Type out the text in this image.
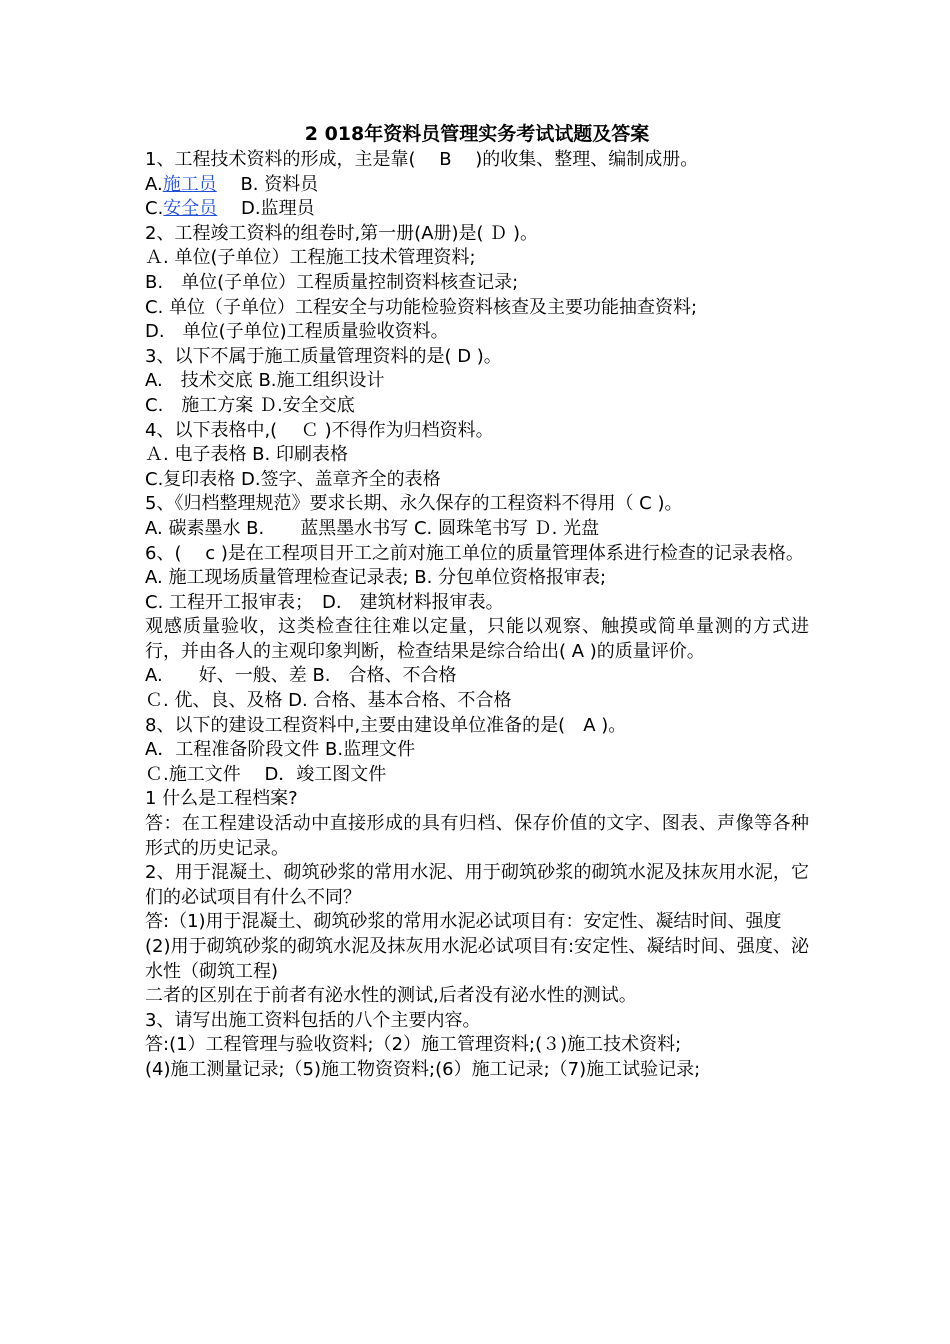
2 018年资料员管理实务考试试题及答案
1、工程技术资料的形成，主是靠(　 B 　)的收集、整理、编制成册。
A.施工员　 B. 资料员
C.安全员　 D.监理员
2、工程竣工资料的组卷时,第一册(A册)是( Ｄ )。
Ａ. 单位(子单位）工程施工技术管理资料;
B.　单位(子单位）工程质量控制资料核查记录;
C. 单位（子单位）工程安全与功能检验资料核查及主要功能抽查资料;
D.　单位(子单位)工程质量验收资料。
3、以下不属于施工质量管理资料的是( D )。
A.　技术交底 B.施工组织设计
C.　施工方案 Ｄ.安全交底
4、以下表格中,(　 Ｃ )不得作为归档资料。
Ａ. 电子表格 B. 印刷表格
C.复印表格 D.签字、盖章齐全的表格
5、《归档整理规范》要求长期、永久保存的工程资料不得用（ C )。
A. 碳素墨水 B.　　蓝黑墨水书写 C. 圆珠笔书写 Ｄ. 光盘
6、(　 c )是在工程项目开工之前对施工单位的质量管理体系进行检查的记录表格。
A. 施工现场质量管理检查记录表; B. 分包单位资格报审表;
C. 工程开工报审表；　D.　建筑材料报审表。
观感质量验收，这类检查往往难以定量，只能以观察、触摸或简单量测的方式进行，并由各人的主观印象判断，检查结果是综合给出( A )的质量评价。
A.　　好、一般、差 B.　合格、不合格
Ｃ. 优、良、及格 D. 合格、基本合格、不合格
8、以下的建设工程资料中,主要由建设单位准备的是(　A )。
A．工程准备阶段文件 B.监理文件
Ｃ.施工文件　 D．竣工图文件
1 什么是工程档案?
答：在工程建设活动中直接形成的具有归档、保存价值的文字、图表、声像等各种形式的历史记录。
2、用于混凝土、砌筑砂浆的常用水泥、用于砌筑砂浆的砌筑水泥及抹灰用水泥，它们的必试项目有什么不同？
答:（1)用于混凝土、砌筑砂浆的常用水泥必试项目有：安定性、凝结时间、强度
(2)用于砌筑砂浆的砌筑水泥及抹灰用水泥必试项目有:安定性、凝结时间、强度、泌水性（砌筑工程)
二者的区别在于前者有泌水性的测试,后者没有泌水性的测试。
3、请写出施工资料包括的八个主要内容。
答:(1）工程管理与验收资料;（2）施工管理资料;(３)施工技术资料;
(4)施工测量记录;（5)施工物资资料;(6）施工记录;（7)施工试验记录;
